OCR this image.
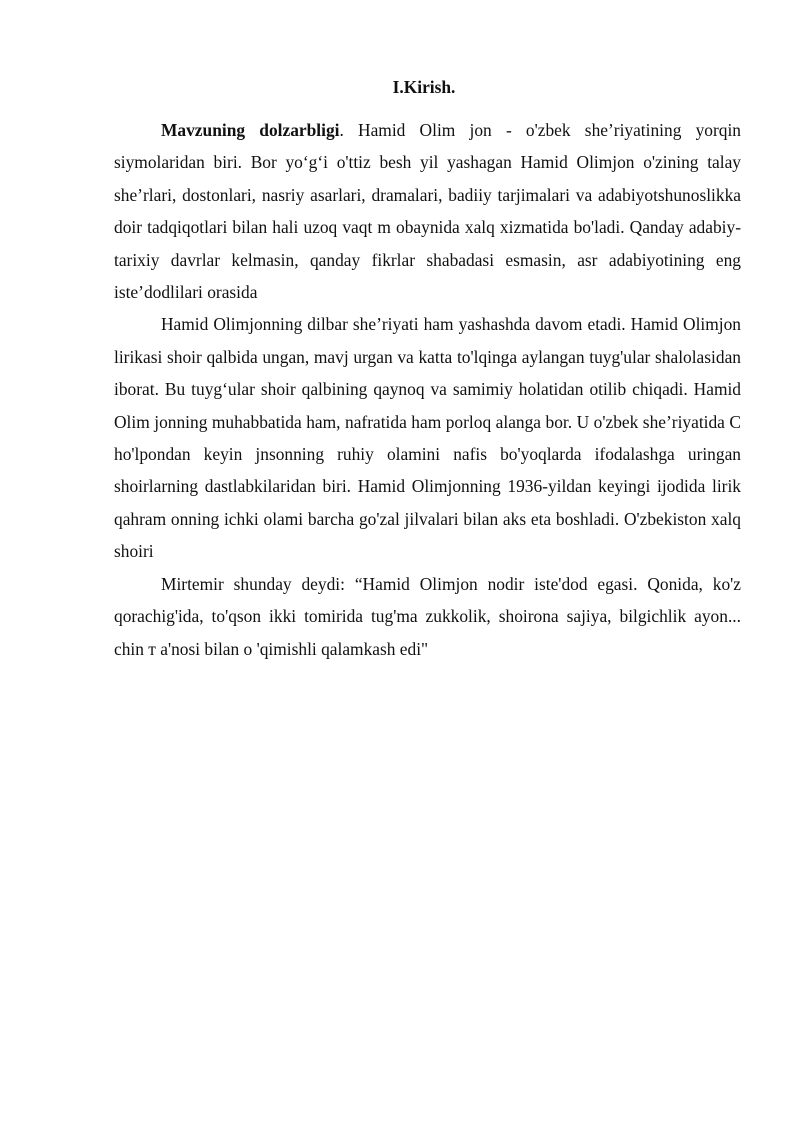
I.Kirish.

Mavzuning dolzarbligi. Hamid Olim jon - o'zbek she’riyatining yorqin siymolaridan biri. Bor yo‘g‘i o'ttiz besh yil yashagan Hamid Olimjon o'zining talay she’rlari, dostonlari, nasriy asarlari, dramalari, badiiy tarjimalari va adabiyotshunoslikka doir tadqiqotlari bilan hali uzoq vaqt m obaynida xalq xizmatida bo'ladi. Qanday adabiy-tarixiy davrlar kelmasin, qanday fikrlar shabadasi esmasin, asr adabiyotining eng iste’dodlilari orasida

Hamid Olimjonning dilbar she’riyati ham yashashda davom etadi. Hamid Olimjon lirikasi shoir qalbida ungan, mavj urgan va katta to'lqinga aylangan tuyg'ular shalolasidan iborat. Bu tuyg‘ular shoir qalbining qaynoq va samimiy holatidan otilib chiqadi. Hamid Olim jonning muhabbatida ham, nafratida ham porloq alanga bor. U o'zbek she’riyatida C ho'lpondan keyin jnsonning ruhiy olamini nafis bo'yoqlarda ifodalashga uringan shoirlarning dastlabkilaridan biri. Hamid Olimjonning 1936-yildan keyingi ijodida lirik qahram onning ichki olami barcha go'zal jilvalari bilan aks eta boshladi. O'zbekiston xalq shoiri

Mirtemir shunday deydi: “Hamid Olimjon nodir iste'dod egasi. Qonida, ko'z qorachig'ida, to'qson ikki tomirida tug'ma zukkolik, shoirona sajiya, bilgichlik ayon... chin т a'nosi bilan o 'qimishli qalamkash edi"
